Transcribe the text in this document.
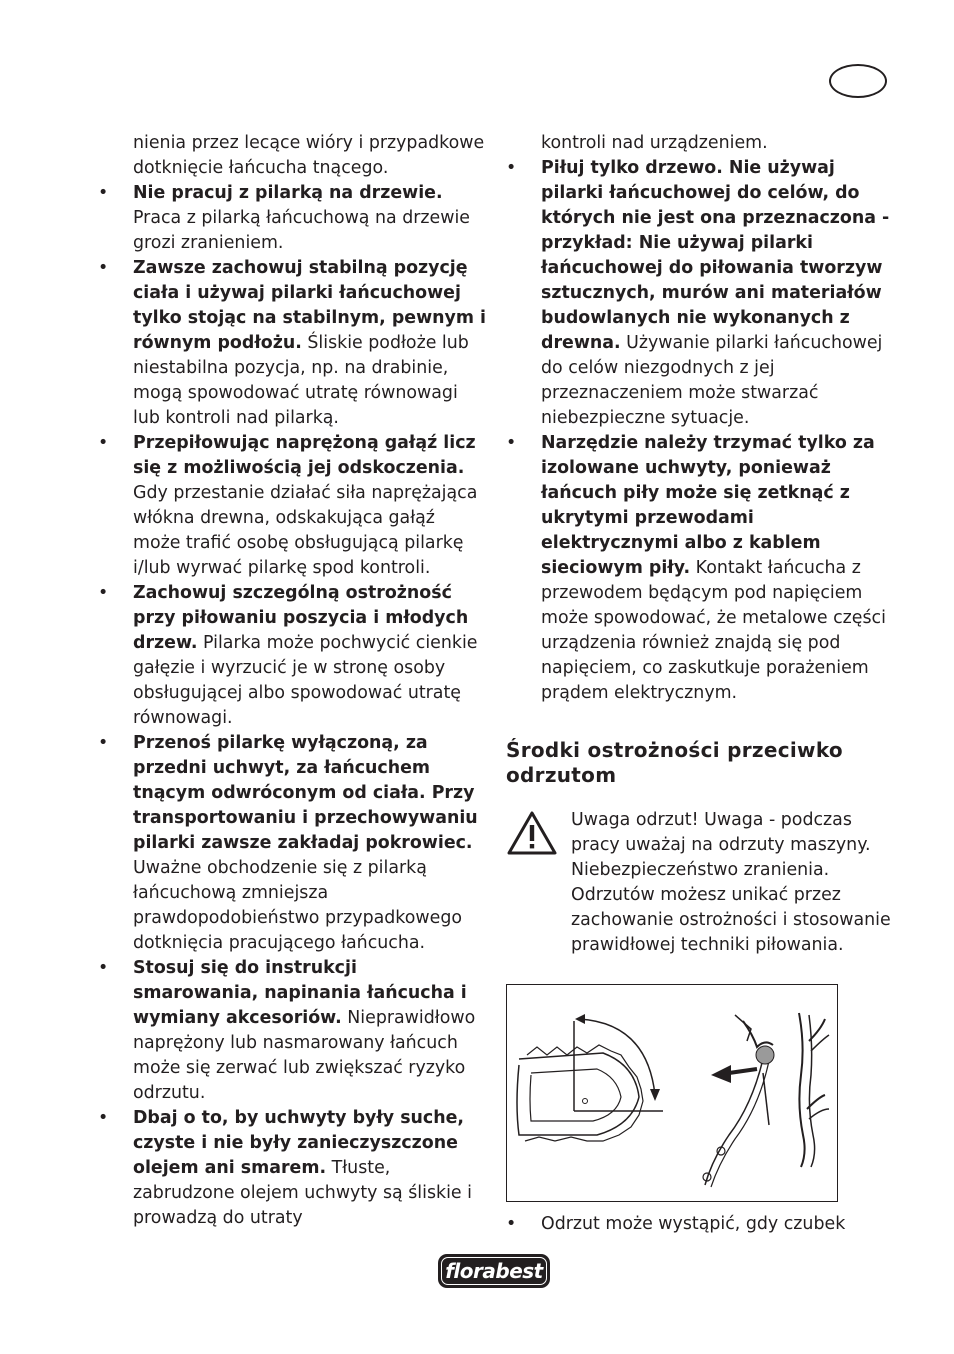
nienia przez lecące wióry i przypadkowe dotknięcie łańcucha tnącego.
• Nie pracuj z pilarką na drzewie. Praca z pilarką łańcuchową na drzewie grozi zranieniem.
• Zawsze zachowuj stabilną pozycję ciała i używaj pilarki łańcuchowej tylko stojąc na stabilnym, pewnym i równym podłożu. Śliskie podłoże lub niestabilna pozycja, np. na drabinie, mogą spowodować utratę równowagi lub kontroli nad pilarką.
• Przepiłowując naprężoną gałąź licz się z możliwością jej odskoczenia. Gdy przestanie działać siła naprężająca włókna drewna, odskakująca gałąź może trafić osobę obsługującą pilarkę i/lub wyrwać pilarkę spod kontroli.
• Zachowuj szczególną ostrożność przy piłowaniu poszycia i młodych drzew. Pilarka może pochwycić cienkie gałęzie i wyrzucić je w stronę osoby obsługującej albo spowodować utratę równowagi.
• Przenoś pilarkę wyłączoną, za przedni uchwyt, za łańcuchem tnącym odwróconym od ciała. Przy transportowaniu i przechowywaniu pilarki zawsze zakładaj pokrowiec. Uważne obchodzenie się z pilarką łańcuchową zmniejsza prawdopodobieństwo przypadkowego dotknięcia pracującego łańcucha.
• Stosuj się do instrukcji smarowania, napinania łańcucha i wymiany akcesoriów. Nieprawidłowo naprężony lub nasmarowany łańcuch może się zerwać lub zwiększać ryzyko odrzutu.
• Dbaj o to, by uchwyty były suche, czyste i nie były zanieczyszczone olejem ani smarem. Tłuste, zabrudzone olejem uchwyty są śliskie i prowadzą do utraty
kontroli nad urządzeniem.
• Piłuj tylko drzewo. Nie używaj pilarki łańcuchowej do celów, do których nie jest ona przeznaczona - przykład: Nie używaj pilarki łańcuchowej do piłowania tworzyw sztucznych, murów ani materiałów budowlanych nie wykonanych z drewna. Używanie pilarki łańcuchowej do celów niezgodnych z jej przeznaczeniem może stwarzać niebezpieczne sytuacje.
• Narzędzie należy trzymać tylko za izolowane uchwyty, ponieważ łańcuch piły może się zetknąć z ukrytymi przewodami elektrycznymi albo z kablem sieciowym piły. Kontakt łańcucha z przewodem będącym pod napięciem może spowodować, że metalowe części urządzenia również znajdą się pod napięciem, co zaskutkuje porażeniem prądem elektrycznym.
Środki ostrożności przeciwko odrzutom
Uwaga odrzut! Uwaga - podczas pracy uważaj na odrzuty maszyny. Niebezpieczeństwo zranienia. Odrzutów możesz unikać przez zachowanie ostrożności i stosowanie prawidłowej techniki piłowania.
• Odrzut może wystąpić, gdy czubek
florabest
